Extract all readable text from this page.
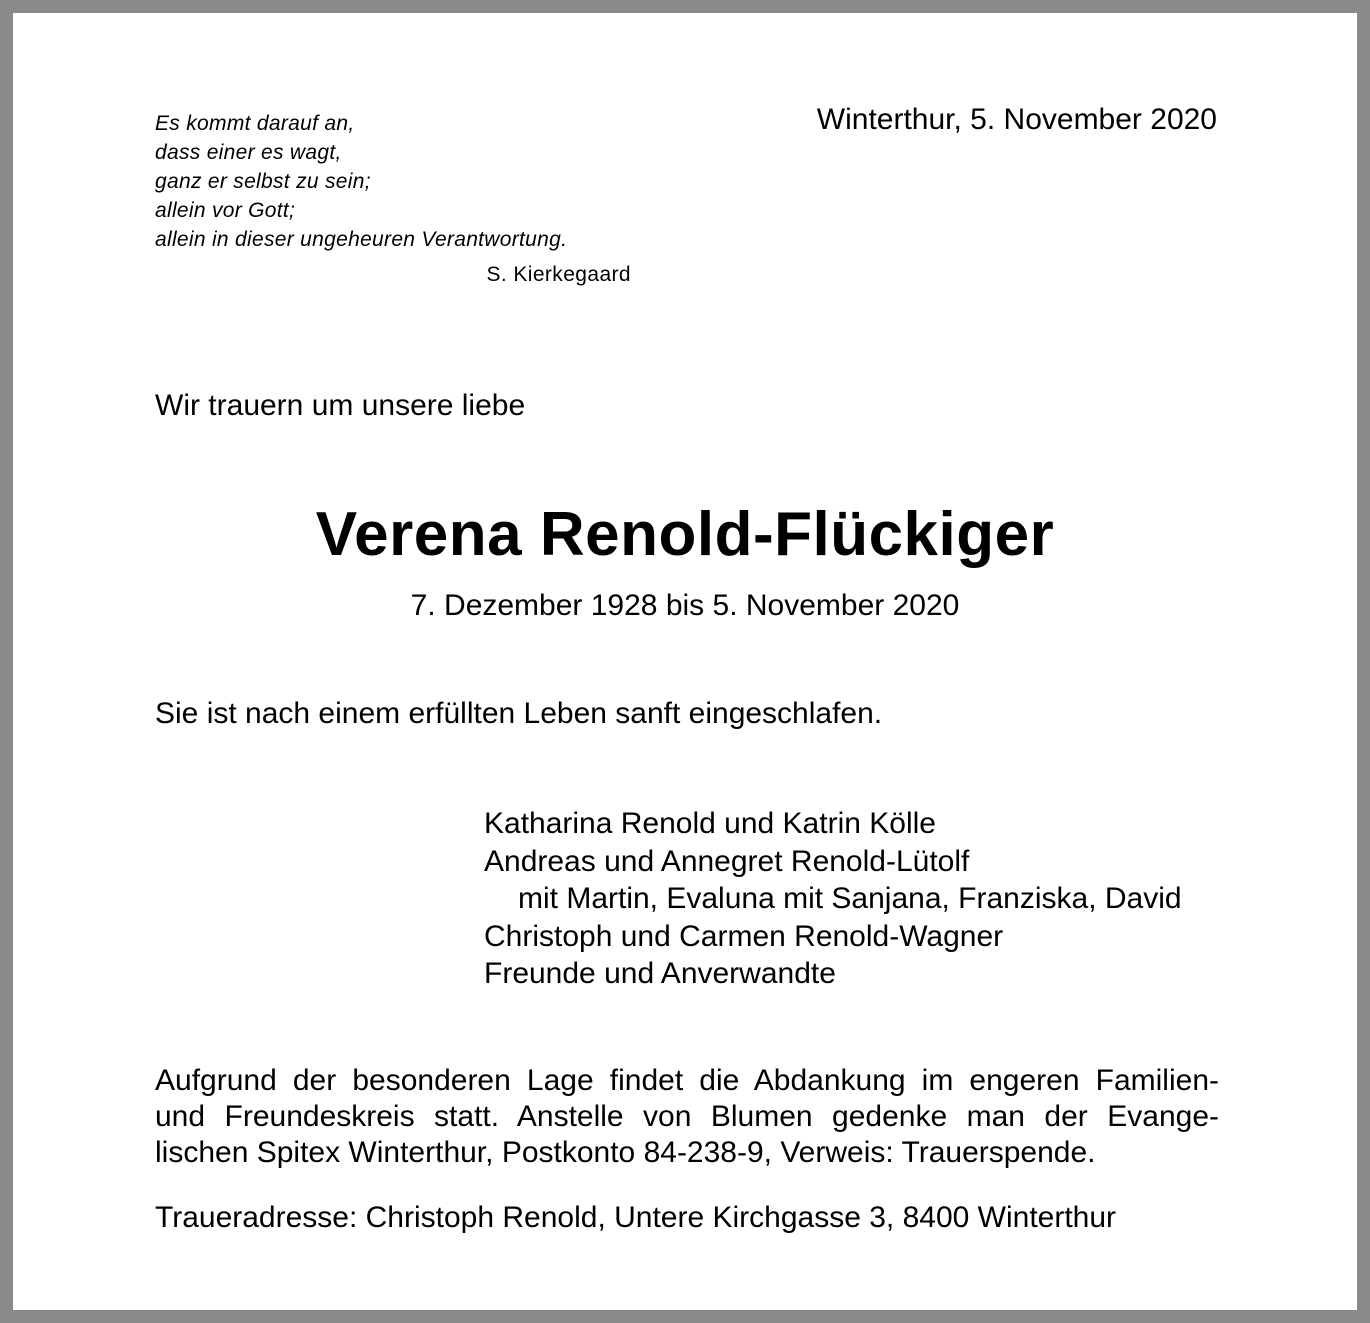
Es kommt darauf an,
dass einer es wagt,
ganz er selbst zu sein;
allein vor Gott;
allein in dieser ungeheuren Verantwortung.
S. Kierkegaard
Winterthur, 5. November 2020
Wir trauern um unsere liebe
Verena Renold-Flückiger
7. Dezember 1928 bis 5. November 2020
Sie ist nach einem erfüllten Leben sanft eingeschlafen.
Katharina Renold und Katrin Kölle
Andreas und Annegret Renold-Lütolf
mit Martin, Evaluna mit Sanjana, Franziska, David
Christoph und Carmen Renold-Wagner
Freunde und Anverwandte
Aufgrund der besonderen Lage findet die Abdankung im engeren Familien-
und Freundeskreis statt. Anstelle von Blumen gedenke man der Evange-
lischen Spitex Winterthur, Postkonto 84-238-9, Verweis: Trauerspende.
Traueradresse: Christoph Renold, Untere Kirchgasse 3, 8400 Winterthur
